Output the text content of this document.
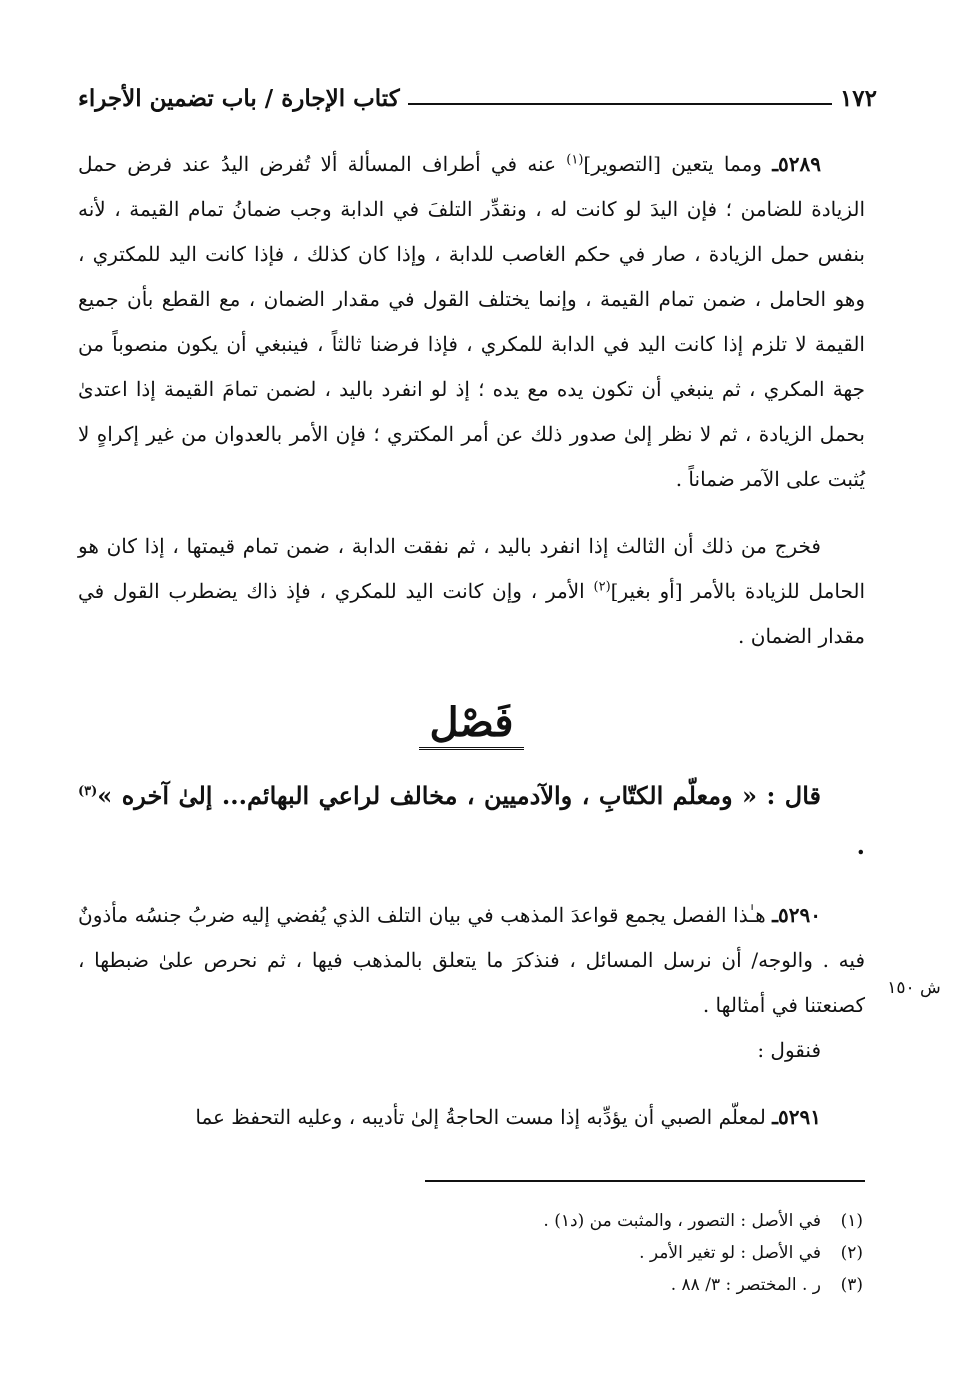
١٧٢
كتاب الإجارة / باب تضمين الأجراء

٥٢٨٩ـ ومما يتعين [التصوير]$^{(١)}$ عنه في أطراف المسألة ألا تُفرض اليدُ عند فرض حمل الزيادة للضامن ؛ فإن اليدَ لو كانت له ، ونقدِّر التلفَ في الدابة وجب ضمانُ تمام القيمة ، لأنه بنفس حمل الزيادة ، صار في حكم الغاصب للدابة ، وإذا كان كذلك ، فإذا كانت اليد للمكتري ، وهو الحامل ، ضمن تمام القيمة ، وإنما يختلف القول في مقدار الضمان ، مع القطع بأن جميع القيمة لا تلزم إذا كانت اليد في الدابة للمكري ، فإذا فرضنا ثالثاً ، فينبغي أن يكون منصوباً من جهة المكري ، ثم ينبغي أن تكون يده مع يده ؛ إذ لو انفرد باليد ، لضمن تمامَ القيمة إذا اعتدىٰ بحمل الزيادة ، ثم لا نظر إلىٰ صدور ذلك عن أمر المكتري ؛ فإن الأمر بالعدوان من غير إكراهٍ لا يُثبت على الآمر ضماناً .

فخرج من ذلك أن الثالث إذا انفرد باليد ، ثم نفقت الدابة ، ضمن تمام قيمتها ، إذا كان هو الحامل للزيادة بالأمر [أو بغير]$^{(٢)}$ الأمر ، وإن كانت اليد للمكري ، فإذ ذاك يضطرب القول في مقدار الضمان .

فَصْل

قال : « ومعلّم الكتّابِ ، والآدميين ، مخالف لراعي البهائم... إلىٰ آخره »$^{(٣)}$ .

٥٢٩٠ـ هـٰذا الفصل يجمع قواعدَ المذهب في بيان التلف الذي يُفضي إليه ضربُ جنسُه مأذونٌ فيه . والوجه/ أن نرسل المسائل ، فنذكرَ ما يتعلق بالمذهب فيها ، ثم نحرص علىٰ ضبطها ، كصنعتنا في أمثالها .

فنقول :

٥٢٩١ـ لمعلّم الصبي أن يؤدِّبه إذا مست الحاجةُ إلىٰ تأديبه ، وعليه التحفظ عما

ش ١٥٠
(١)
في الأصل : التصور ، والمثبت من (د١) .
(٢)
في الأصل : لو تغير الأمر .
(٣)
ر . المختصر : ٣/ ٨٨ .
